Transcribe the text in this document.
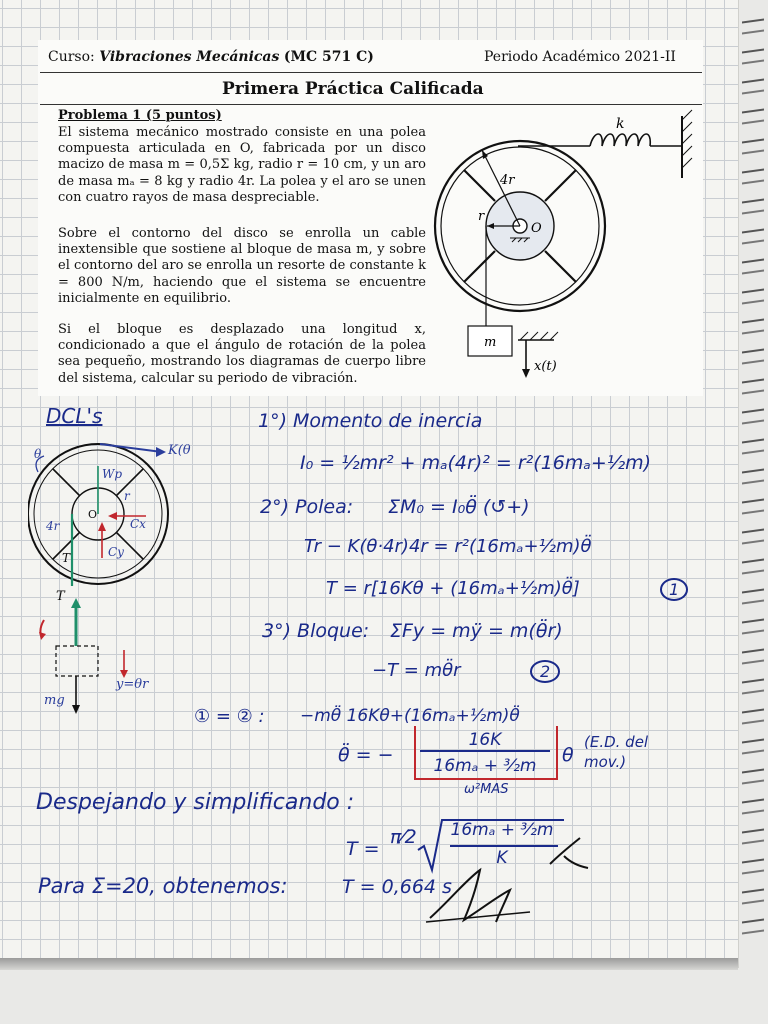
Curso: Vibraciones Mecánicas (MC 571 C)	Periodo Académico 2021-II
Primera Práctica Calificada
Problema 1 (5 puntos)
El sistema mecánico mostrado consiste en una polea compuesta articulada en O, fabricada por un disco macizo de masa m = 0,5Σ kg, radio r = 10 cm, y un aro de masa mₐ = 8 kg y radio 4r. La polea y el aro se unen con cuatro rayos de masa despreciable.
Sobre el contorno del disco se enrolla un cable inextensible que sostiene al bloque de masa m, y sobre el contorno del aro se enrolla un resorte de constante k = 800 N/m, haciendo que el sistema se encuentre inicialmente en equilibrio.
Si el bloque es desplazado una longitud x, condicionado a que el ángulo de rotación de la polea sea pequeño, mostrando los diagramas de cuerpo libre del sistema, calcular su periodo de vibración.
k
4r
r
O
m
x(t)
DCL's
K(θ
θ
Wp
Cx
Cy
r
4r
O
T
T
mg
y=θr
1°) Momento de inercia
I₀ = ½mr² + mₐ(4r)² = r²(16mₐ+½m)
2°) Polea: ΣM₀ = I₀θ̈ (↺+)
Tr − K(θ·4r)4r = r²(16mₐ+½m)θ̈
T = r[16Kθ + (16mₐ+½m)θ̈]	1
3°) Bloque: ΣFy = mÿ = m(θ̈r)
−T = mθ̈r	2
① = ② : −mθ̈ 16Kθ+(16mₐ+½m)θ̈
θ̈ = −
16K
16mₐ + ³⁄₂m	θ
(E.D. del mov.)
ω²MAS
Despejando y simplificando :
T =
π⁄2 16mₐ + ³⁄₂m
K
Para Σ=20, obtenemos:	T = 0,664 s
